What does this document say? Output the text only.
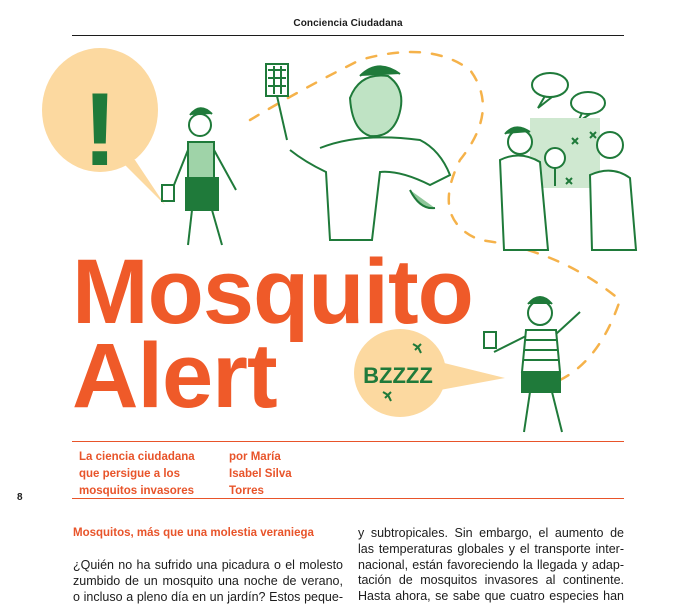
Conciencia Ciudadana
!
BZZZZ
Mosquito
Alert
La ciencia ciudadana
que persigue a los
mosquitos invasores
por María
Isabel Silva
Torres
8
Mosquitos, más que una molestia veraniega
¿Quién no ha sufrido una picadura o el molesto
zumbido de un mosquito una noche de verano,
o incluso a pleno día en un jardín? Estos peque-
y subtropicales. Sin embargo, el aumento de
las temperaturas globales y el transporte inter-
nacional, están favoreciendo la llegada y adap-
tación de mosquitos invasores al continente.
Hasta ahora, se sabe que cuatro especies han
